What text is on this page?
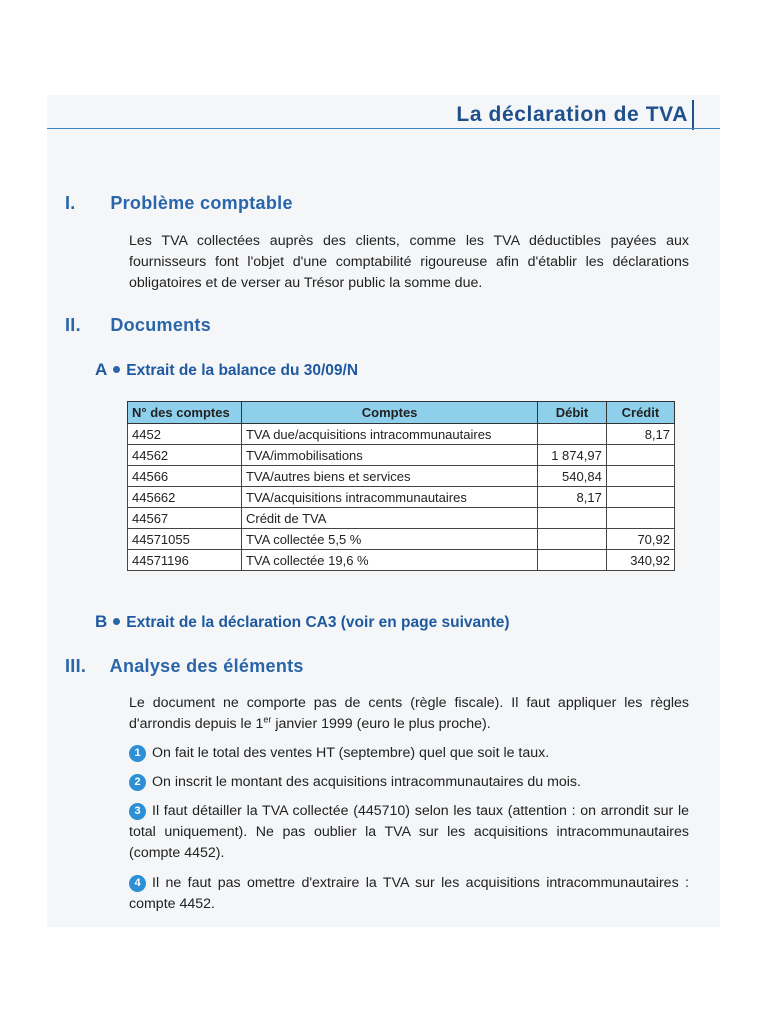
La déclaration de TVA
I. Problème comptable
Les TVA collectées auprès des clients, comme les TVA déductibles payées aux fournisseurs font l'objet d'une comptabilité rigoureuse afin d'établir les déclarations obligatoires et de verser au Trésor public la somme due.
II. Documents
A Extrait de la balance du 30/09/N
N° des comptes	Comptes	Débit	Crédit
4452	TVA due/acquisitions intracommunautaires		8,17
44562	TVA/immobilisations	1 874,97	
44566	TVA/autres biens et services	540,84	
445662	TVA/acquisitions intracommunautaires	8,17	
44567	Crédit de TVA		
44571055	TVA collectée 5,5 %		70,92
44571196	TVA collectée 19,6 %		340,92
B Extrait de la déclaration CA3 (voir en page suivante)
III. Analyse des éléments
Le document ne comporte pas de cents (règle fiscale). Il faut appliquer les règles d'arrondis depuis le 1er janvier 1999 (euro le plus proche).
1 On fait le total des ventes HT (septembre) quel que soit le taux.
2 On inscrit le montant des acquisitions intracommunautaires du mois.
3 Il faut détailler la TVA collectée (445710) selon les taux (attention : on arrondit sur le total uniquement). Ne pas oublier la TVA sur les acquisitions intracommunautaires (compte 4452).
4 Il ne faut pas omettre d'extraire la TVA sur les acquisitions intracommunautaires : compte 4452.
